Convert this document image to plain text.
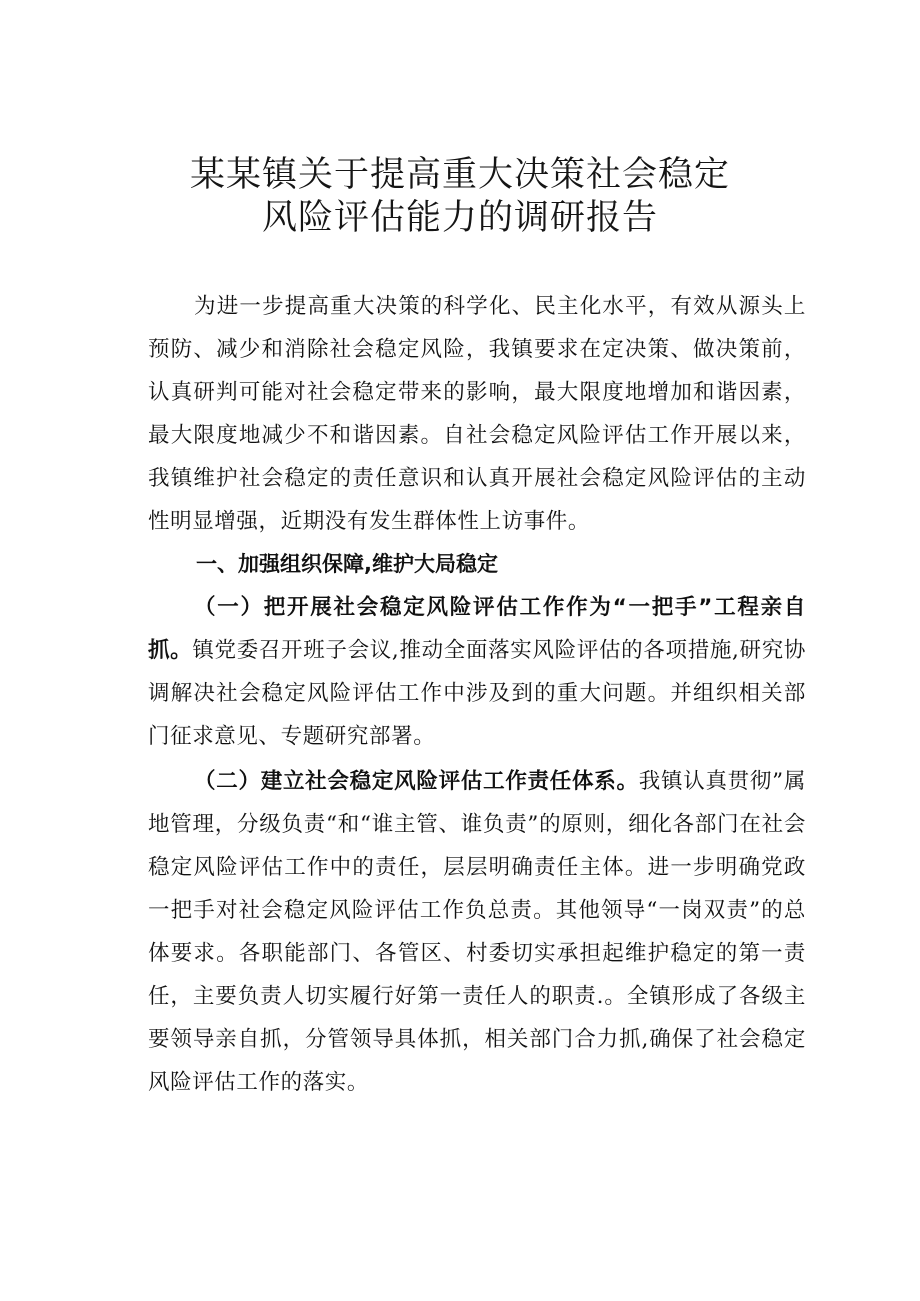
某某镇关于提高重大决策社会稳定
风险评估能力的调研报告
为进一步提高重大决策的科学化、民主化水平，有效从源头上预防、减少和消除社会稳定风险，我镇要求在定决策、做决策前，认真研判可能对社会稳定带来的影响，最大限度地增加和谐因素，最大限度地减少不和谐因素。自社会稳定风险评估工作开展以来，我镇维护社会稳定的责任意识和认真开展社会稳定风险评估的主动性明显增强，近期没有发生群体性上访事件。
一、加强组织保障,维护大局稳定
（一）把开展社会稳定风险评估工作作为“一把手”工程亲自抓。镇党委召开班子会议,推动全面落实风险评估的各项措施,研究协调解决社会稳定风险评估工作中涉及到的重大问题。并组织相关部门征求意见、专题研究部署。
（二）建立社会稳定风险评估工作责任体系。我镇认真贯彻”属地管理，分级负责“和“谁主管、谁负责”的原则，细化各部门在社会稳定风险评估工作中的责任，层层明确责任主体。进一步明确党政一把手对社会稳定风险评估工作负总责。其他领导“一岗双责”的总体要求。各职能部门、各管区、村委切实承担起维护稳定的第一责任，主要负责人切实履行好第一责任人的职责.。全镇形成了各级主要领导亲自抓，分管领导具体抓，相关部门合力抓,确保了社会稳定风险评估工作的落实。
